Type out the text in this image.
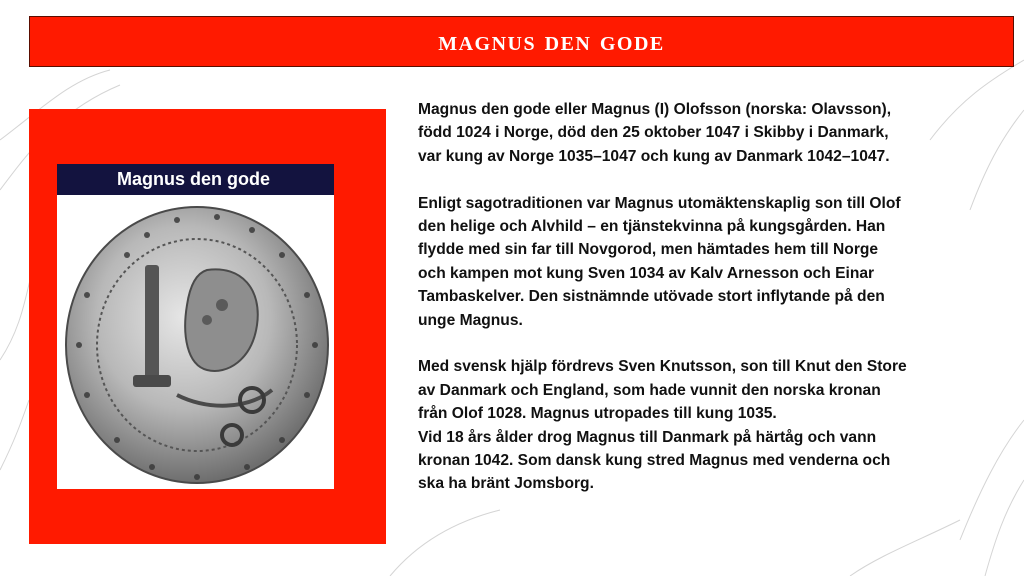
magnus den gode
Magnus den gode

Magnus den gode eller Magnus (I) Olofsson (norska: Olavsson),
född 1024 i Norge, död den 25 oktober 1047 i Skibby i Danmark,
var kung av Norge 1035–1047 och kung av Danmark 1042–1047.

Enligt sagotraditionen var Magnus utomäktenskaplig son till Olof
den helige och Alvhild – en tjänstekvinna på kungsgården. Han
flydde med sin far till Novgorod, men hämtades hem till Norge
och kampen mot kung Sven 1034 av Kalv Arnesson och Einar
Tambaskelver. Den sistnämnde utövade stort inflytande på den
unge Magnus.

Med svensk hjälp fördrevs Sven Knutsson, son till Knut den Store
av Danmark och England, som hade vunnit den norska kronan
från Olof 1028. Magnus utropades till kung 1035.

Vid 18 års ålder drog Magnus till Danmark på härtåg och vann
kronan 1042. Som dansk kung stred Magnus med venderna och
ska ha bränt Jomsborg.
